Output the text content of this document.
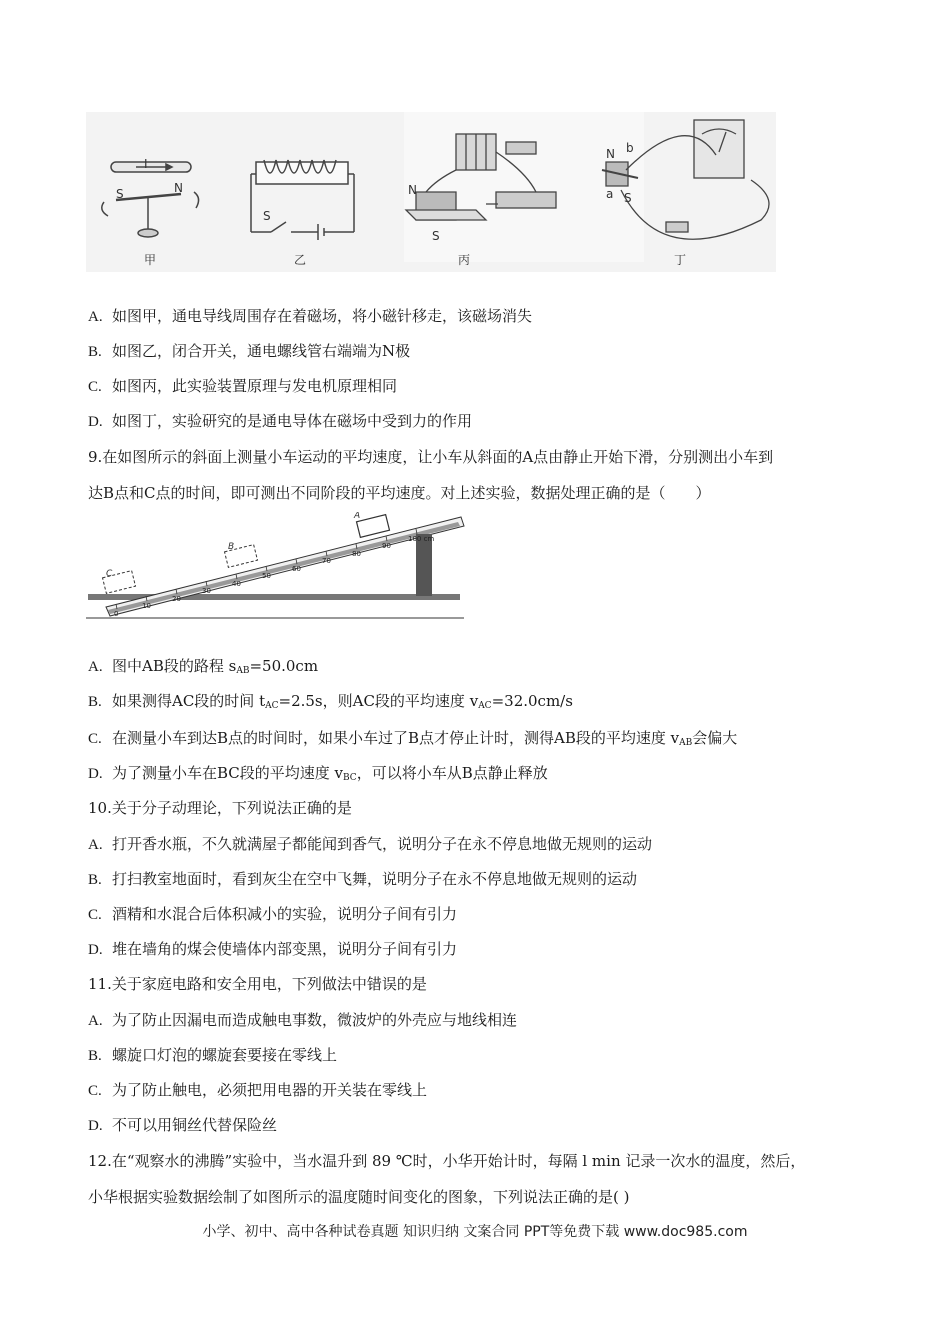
I
S	N
甲
S
乙
N
S
丙
N b
a S
丁
A. 如图甲，通电导线周围存在着磁场，将小磁针移走，该磁场消失
B. 如图乙，闭合开关，通电螺线管右端端为N极
C. 如图丙，此实验装置原理与发电机原理相同
D. 如图丁，实验研究的是通电导体在磁场中受到力的作用
9.在如图所示的斜面上测量小车运动的平均速度，让小车从斜面的A点由静止开始下滑，分别测出小车到
达B点和C点的时间，即可测出不同阶段的平均速度。对上述实验，数据处理正确的是（　　）
A
B
C
0
10
20
30
40
50
60
70
80
90
100 cm
A. 图中AB段的路程 $s_{AB}=50.0cm$
B. 如果测得AC段的时间 $t_{AC}=2.5s$，则AC段的平均速度 $v_{AC}=32.0cm/s$
C. 在测量小车到达B点的时间时，如果小车过了B点才停止计时，测得AB段的平均速度 $v_{AB}$会偏大
D. 为了测量小车在BC段的平均速度 $v_{BC}$，可以将小车从B点静止释放
10.关于分子动理论，下列说法正确的是
A. 打开香水瓶，不久就满屋子都能闻到香气，说明分子在永不停息地做无规则的运动
B. 打扫教室地面时，看到灰尘在空中飞舞，说明分子在永不停息地做无规则的运动
C. 酒精和水混合后体积减小的实验，说明分子间有引力
D. 堆在墙角的煤会使墙体内部变黑，说明分子间有引力
11.关于家庭电路和安全用电，下列做法中错误的是
A. 为了防止因漏电而造成触电事数，微波炉的外壳应与地线相连
B. 螺旋口灯泡的螺旋套要接在零线上
C. 为了防止触电，必须把用电器的开关装在零线上
D. 不可以用铜丝代替保险丝
12.在“观察水的沸腾”实验中，当水温升到 89 ℃时，小华开始计时，每隔 l min 记录一次水的温度，然后，
小华根据实验数据绘制了如图所示的温度随时间变化的图象，下列说法正确的是( )
小学、初中、高中各种试卷真题 知识归纳 文案合同 PPT等免费下载 www.doc985.com
